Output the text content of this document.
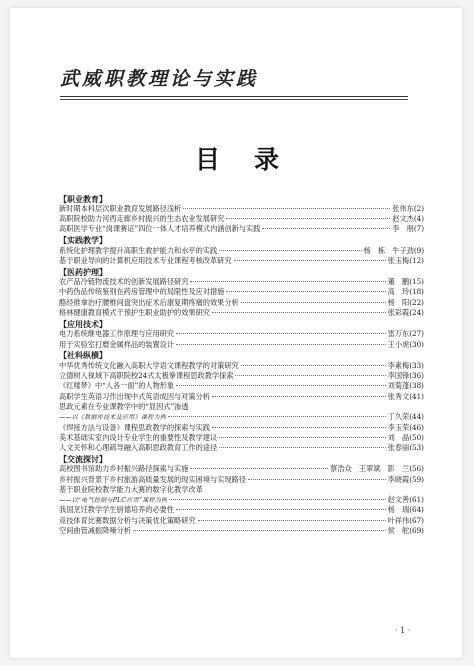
武威职教理论与实践
目录
【职业教育】
新时期本科层次职业教育发展路径浅析	张伟东(2)
高职院校助力河西走廊乡村振兴的生态农业发展研究	赵文杰(4)
高职医学专业“岗课赛证”四位一体人才培养模式内涵创新与实践	李　朋(7)
【实践教学】
系统化护理教学提升高职生救护能力和水平的实践	杨　栋　牛子劲(9)
基于职业导向的计算机应用技术专业课程考核改革研究	张玉梅(12)
【医药护理】
农产品冷链物流技术的创新发展路径研究	董　鹏(15)
中药伪品传统鉴别在药房管理中的局限性及应对措施	高　玲(18)
酪经推拿治疗腰椎间盘突出症术后康复期疼痛的效果分析	杨　阳(22)
格林健康教育模式干预护生职业助护的效果研究	张彩霞(24)
【应用技术】
电力系统继电器工作原理与应用研究	雷万东(27)
用于实验室打磨金属样品的装置设计	王小虎(30)
【社科纵横】
中华优秀传统文化融入高职大学语文课程教学的对策研究	李素梅(33)
立德树人视域下高职院校24式太极拳课程思政教学探索	李国锋(36)
《红楼梦》中“人各一面”的人物形象	刘菊蓬(38)
高职学生英语习作出现中式英语成因与对策分析	张秀文(41)
思政元素在专业课教学中的“显因式”渗透
——以《数据库技术及应用》课程为例	丁久荣(44)
《焊接方法与设备》课程思政教学的探索与实践	李玉荣(46)
美术基础实室内设计专业学生的重要性及教学建议	刘　晶(50)
人文关怀和心理疏导融入高职思政教育工作的途径	张春丽(53)
【交流探讨】
高校图书馆助力乡村振兴路径探索与实施	蔡浩众　王翠斌　影　兰(56)
乡村振兴背景下乡村旅游高质量发展的现实困境与实现路径	李晓霞(59)
基于职业院校教学能力大赛的数字化教学改革
——以“电气控制与PLC应用”课程为例	赵文善(61)
我国烹饪教学学生厨德培养的必要性	杨　瑞(64)
竞技体育比赛数据分析与决策优化策略研究	叶祥伟(67)
空间曲管减振降噪分析	侯　舵(69)
· 1 ·
